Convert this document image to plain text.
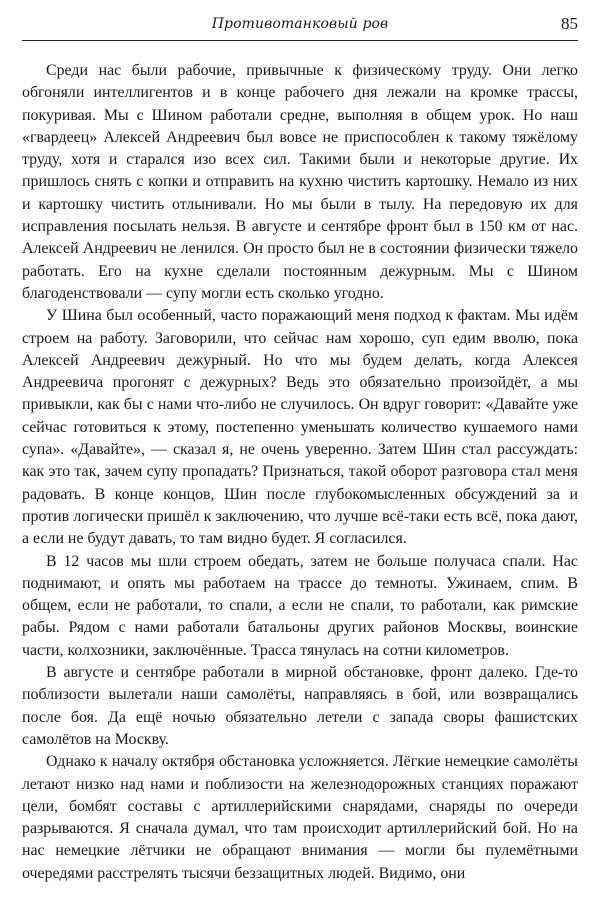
Противотанковый ров	85

Среди нас были рабочие, привычные к физическому труду. Они легко обгоняли интеллигентов и в конце рабочего дня лежали на кромке трассы, покуривая. Мы с Шином работали средне, выполняя в общем урок. Но наш «гвардеец» Алексей Андреевич был вовсе не приспособлен к такому тяжёлому труду, хотя и старался изо всех сил. Такими были и некоторые другие. Их пришлось снять с копки и отправить на кухню чистить картошку. Немало из них и картошку чистить отлынивали. Но мы были в тылу. На передовую их для исправления посылать нельзя. В августе и сентябре фронт был в 150 км от нас. Алексей Андреевич не ленился. Он просто был не в состоянии физически тяжело работать. Его на кухне сделали постоянным дежурным. Мы с Шином благоденствовали — супу могли есть сколько угодно.

У Шина был особенный, часто поражающий меня подход к фактам. Мы идём строем на работу. Заговорили, что сейчас нам хорошо, суп едим вволю, пока Алексей Андреевич дежурный. Но что мы будем делать, когда Алексея Андреевича прогонят с дежурных? Ведь это обязательно произойдёт, а мы привыкли, как бы с нами что-либо не случилось. Он вдруг говорит: «Давайте уже сейчас готовиться к этому, постепенно уменьшать количество кушаемого нами супа». «Давайте», — сказал я, не очень уверенно. Затем Шин стал рассуждать: как это так, зачем супу пропадать? Признаться, такой оборот разговора стал меня радовать. В конце концов, Шин после глубокомысленных обсуждений за и против логически пришёл к заключению, что лучше всё-таки есть всё, пока дают, а если не будут давать, то там видно будет. Я согласился.

В 12 часов мы шли строем обедать, затем не больше получаса спали. Нас поднимают, и опять мы работаем на трассе до темноты. Ужинаем, спим. В общем, если не работали, то спали, а если не спали, то работали, как римские рабы. Рядом с нами работали батальоны других районов Москвы, воинские части, колхозники, заключённые. Трасса тянулась на сотни километров.

В августе и сентябре работали в мирной обстановке, фронт далеко. Где-то поблизости вылетали наши самолёты, направляясь в бой, или возвращались после боя. Да ещё ночью обязательно летели с запада своры фашистских самолётов на Москву.

Однако к началу октября обстановка усложняется. Лёгкие немецкие самолёты летают низко над нами и поблизости на железнодорожных станциях поражают цели, бомбят составы с артиллерийскими снарядами, снаряды по очереди разрываются. Я сначала думал, что там происходит артиллерийский бой. Но на нас немецкие лётчики не обращают внимания — могли бы пулемётными очередями расстрелять тысячи беззащитных людей. Видимо, они
